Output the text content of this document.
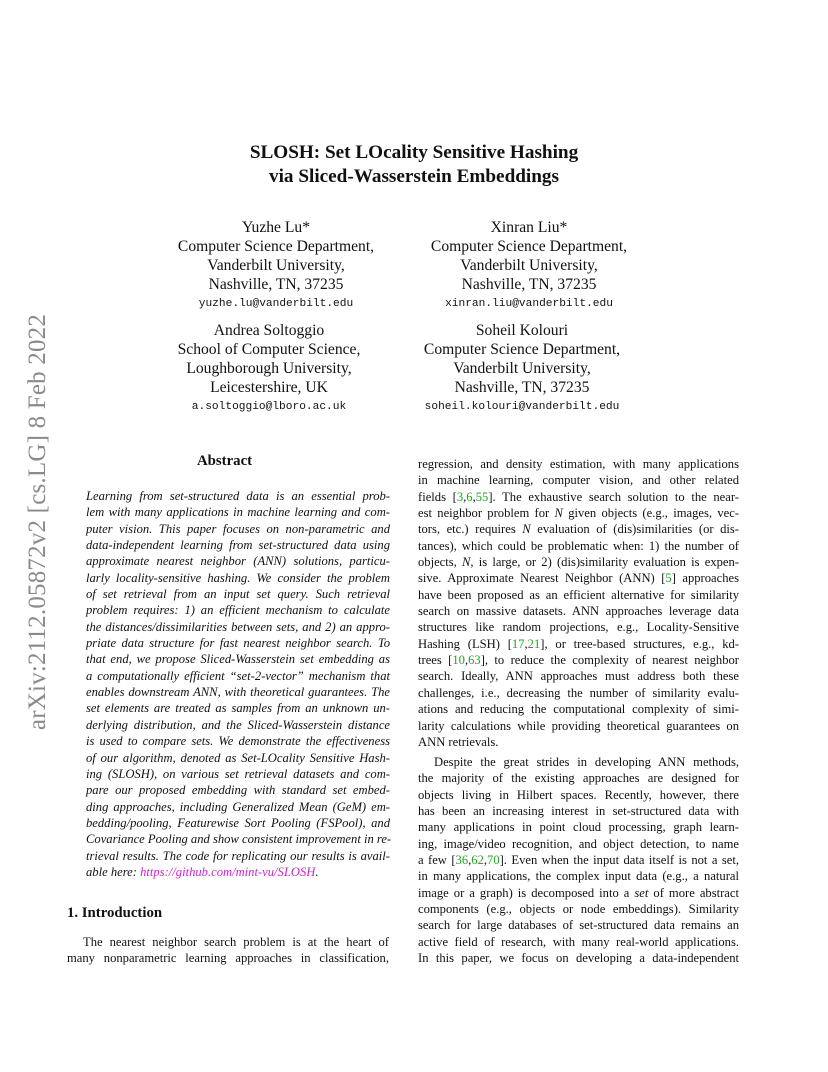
arXiv:2112.05872v2 [cs.LG] 8 Feb 2022
SLOSH: Set LOcality Sensitive Hashing
via Sliced-Wasserstein Embeddings
Yuzhe Lu*
Computer Science Department,
Vanderbilt University,
Nashville, TN, 37235
yuzhe.lu@vanderbilt.edu
Xinran Liu*
Computer Science Department,
Vanderbilt University,
Nashville, TN, 37235
xinran.liu@vanderbilt.edu
Andrea Soltoggio
School of Computer Science,
Loughborough University,
Leicestershire, UK
a.soltoggio@lboro.ac.uk
Soheil Kolouri
Computer Science Department,
Vanderbilt University,
Nashville, TN, 37235
soheil.kolouri@vanderbilt.edu
Abstract
Learning from set-structured data is an essential prob-
lem with many applications in machine learning and com-
puter vision. This paper focuses on non-parametric and
data-independent learning from set-structured data using
approximate nearest neighbor (ANN) solutions, particu-
larly locality-sensitive hashing. We consider the problem
of set retrieval from an input set query. Such retrieval
problem requires: 1) an efficient mechanism to calculate
the distances/dissimilarities between sets, and 2) an appro-
priate data structure for fast nearest neighbor search. To
that end, we propose Sliced-Wasserstein set embedding as
a computationally efficient “set-2-vector” mechanism that
enables downstream ANN, with theoretical guarantees. The
set elements are treated as samples from an unknown un-
derlying distribution, and the Sliced-Wasserstein distance
is used to compare sets. We demonstrate the effectiveness
of our algorithm, denoted as Set-LOcality Sensitive Hash-
ing (SLOSH), on various set retrieval datasets and com-
pare our proposed embedding with standard set embed-
ding approaches, including Generalized Mean (GeM) em-
bedding/pooling, Featurewise Sort Pooling (FSPool), and
Covariance Pooling and show consistent improvement in re-
trieval results. The code for replicating our results is avail-
able here: https://github.com/mint-vu/SLOSH.
1. Introduction
The nearest neighbor search problem is at the heart of
many nonparametric learning approaches in classification,
regression, and density estimation, with many applications
in machine learning, computer vision, and other related
fields [3,6,55]. The exhaustive search solution to the near-
est neighbor problem for N given objects (e.g., images, vec-
tors, etc.) requires N evaluation of (dis)similarities (or dis-
tances), which could be problematic when: 1) the number of
objects, N, is large, or 2) (dis)similarity evaluation is expen-
sive. Approximate Nearest Neighbor (ANN) [5] approaches
have been proposed as an efficient alternative for similarity
search on massive datasets. ANN approaches leverage data
structures like random projections, e.g., Locality-Sensitive
Hashing (LSH) [17,21], or tree-based structures, e.g., kd-
trees [10,63], to reduce the complexity of nearest neighbor
search. Ideally, ANN approaches must address both these
challenges, i.e., decreasing the number of similarity evalu-
ations and reducing the computational complexity of simi-
larity calculations while providing theoretical guarantees on
ANN retrievals.
Despite the great strides in developing ANN methods,
the majority of the existing approaches are designed for
objects living in Hilbert spaces. Recently, however, there
has been an increasing interest in set-structured data with
many applications in point cloud processing, graph learn-
ing, image/video recognition, and object detection, to name
a few [36,62,70]. Even when the input data itself is not a set,
in many applications, the complex input data (e.g., a natural
image or a graph) is decomposed into a set of more abstract
components (e.g., objects or node embeddings). Similarity
search for large databases of set-structured data remains an
active field of research, with many real-world applications.
In this paper, we focus on developing a data-independent
